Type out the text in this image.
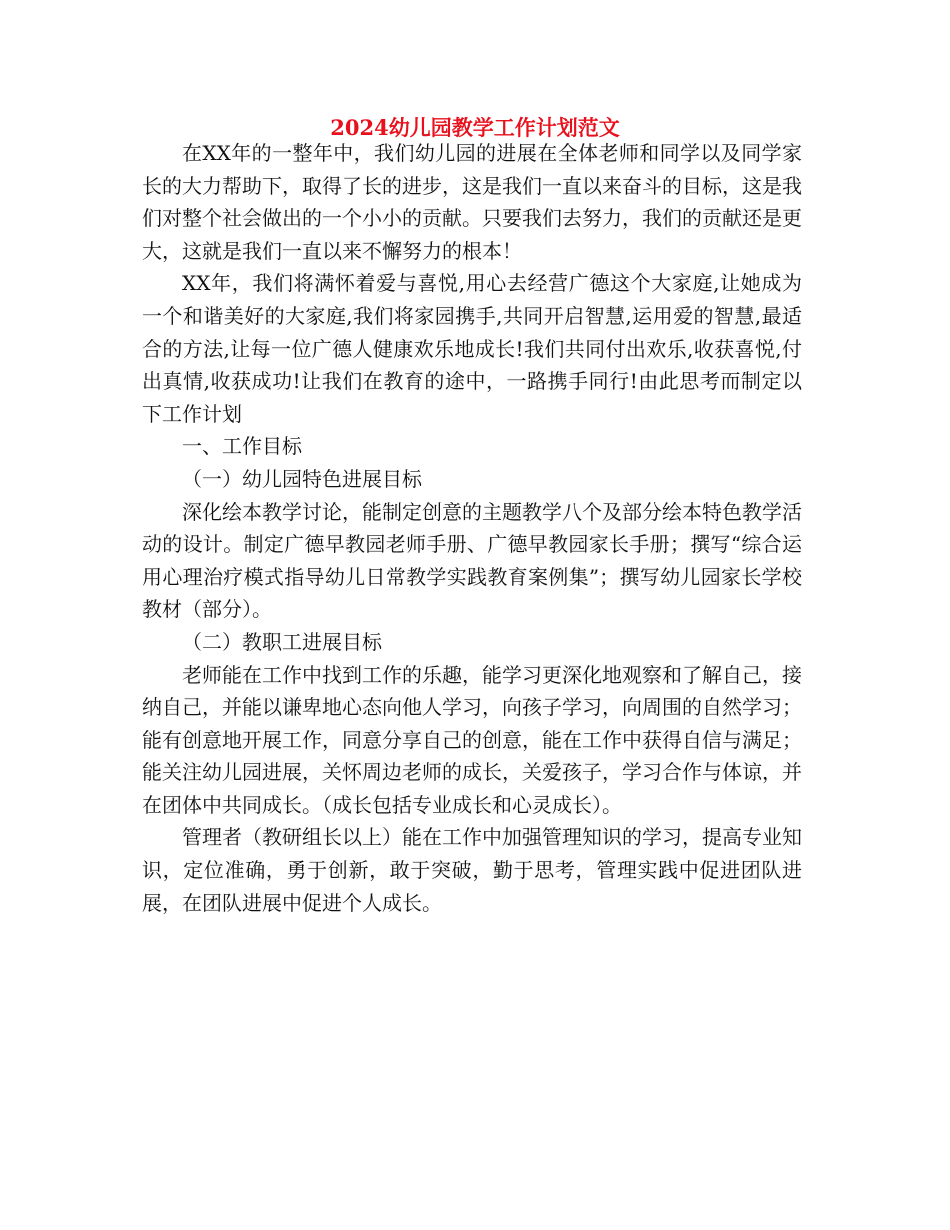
2024幼儿园教学工作计划范文

在XX年的一整年中，我们幼儿园的进展在全体老师和同学以及同学家长的大力帮助下，取得了长的进步，这是我们一直以来奋斗的目标，这是我们对整个社会做出的一个小小的贡献。只要我们去努力，我们的贡献还是更大，这就是我们一直以来不懈努力的根本！

XX年，我们将满怀着爱与喜悦,用心去经营广德这个大家庭,让她成为一个和谐美好的大家庭,我们将家园携手,共同开启智慧,运用爱的智慧,最适合的方法,让每一位广德人健康欢乐地成长!我们共同付出欢乐,收获喜悦,付出真情,收获成功!让我们在教育的途中，一路携手同行!由此思考而制定以下工作计划

一、工作目标

（一）幼儿园特色进展目标

深化绘本教学讨论，能制定创意的主题教学八个及部分绘本特色教学活动的设计。制定广德早教园老师手册、广德早教园家长手册；撰写“综合运用心理治疗模式指导幼儿日常教学实践教育案例集”；撰写幼儿园家长学校教材（部分）。

（二）教职工进展目标

老师能在工作中找到工作的乐趣，能学习更深化地观察和了解自己，接纳自己，并能以谦卑地心态向他人学习，向孩子学习，向周围的自然学习；能有创意地开展工作，同意分享自己的创意，能在工作中获得自信与满足；能关注幼儿园进展，关怀周边老师的成长，关爱孩子，学习合作与体谅，并在团体中共同成长。（成长包括专业成长和心灵成长）。

管理者（教研组长以上）能在工作中加强管理知识的学习，提高专业知识，定位准确，勇于创新，敢于突破，勤于思考，管理实践中促进团队进展，在团队进展中促进个人成长。
